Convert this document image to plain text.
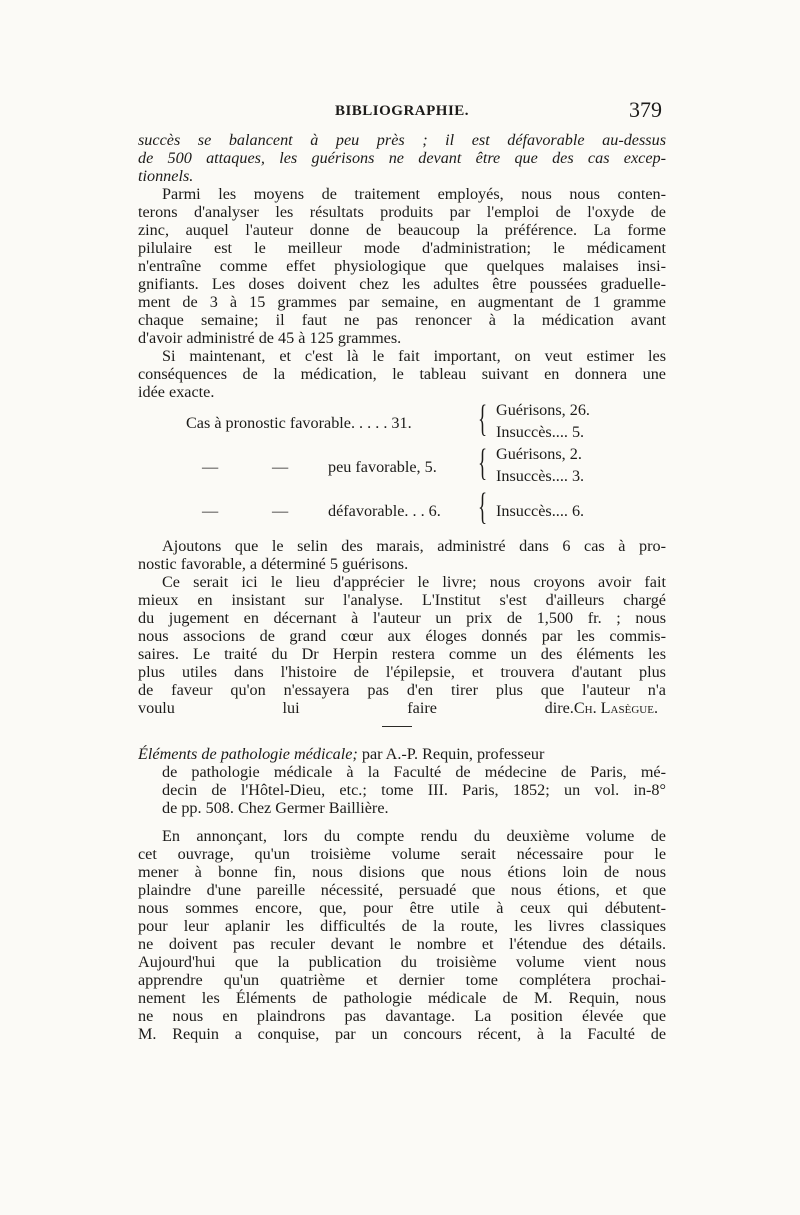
BIBLIOGRAPHIE.	379
succès se balancent à peu près ; il est défavorable au-dessus
de 500 attaques, les guérisons ne devant être que des cas excep-
tionnels.
Parmi les moyens de traitement employés, nous nous conten-
terons d'analyser les résultats produits par l'emploi de l'oxyde de
zinc, auquel l'auteur donne de beaucoup la préférence. La forme
pilulaire est le meilleur mode d'administration; le médicament
n'entraîne comme effet physiologique que quelques malaises insi-
gnifiants. Les doses doivent chez les adultes être poussées graduelle-
ment de 3 à 15 grammes par semaine, en augmentant de 1 gramme
chaque semaine; il faut ne pas renoncer à la médication avant
d'avoir administré de 45 à 125 grammes.
Si maintenant, et c'est là le fait important, on veut estimer les
conséquences de la médication, le tableau suivant en donnera une
idée exacte.
Cas à pronostic favorable. . . . . 31. { Guérisons, 26.
Insuccès.... 5.
—	— peu favorable, 5. { Guérisons, 2.
Insuccès.... 3.
—	— défavorable. . . 6. { Insuccès.... 6.
Ajoutons que le selin des marais, administré dans 6 cas à pro-
nostic favorable, a déterminé 5 guérisons.
Ce serait ici le lieu d'apprécier le livre; nous croyons avoir fait
mieux en insistant sur l'analyse. L'Institut s'est d'ailleurs chargé
du jugement en décernant à l'auteur un prix de 1,500 fr. ; nous
nous associons de grand cœur aux éloges donnés par les commis-
saires. Le traité du Dr Herpin restera comme un des éléments les
plus utiles dans l'histoire de l'épilepsie, et trouvera d'autant plus
de faveur qu'on n'essayera pas d'en tirer plus que l'auteur n'a
voulu lui faire dire. Ch. Lasègue.
Éléments de pathologie médicale; par A.-P. Requin, professeur
de pathologie médicale à la Faculté de médecine de Paris, mé-
decin de l'Hôtel-Dieu, etc.; tome III. Paris, 1852; un vol. in-8°
de pp. 508. Chez Germer Baillière.
En annonçant, lors du compte rendu du deuxième volume de
cet ouvrage, qu'un troisième volume serait nécessaire pour le
mener à bonne fin, nous disions que nous étions loin de nous
plaindre d'une pareille nécessité, persuadé que nous étions, et que
nous sommes encore, que, pour être utile à ceux qui débutent-
pour leur aplanir les difficultés de la route, les livres classiques
ne doivent pas reculer devant le nombre et l'étendue des détails.
Aujourd'hui que la publication du troisième volume vient nous
apprendre qu'un quatrième et dernier tome complétera prochai-
nement les Éléments de pathologie médicale de M. Requin, nous
ne nous en plaindrons pas davantage. La position élevée que
M. Requin a conquise, par un concours récent, à la Faculté de
